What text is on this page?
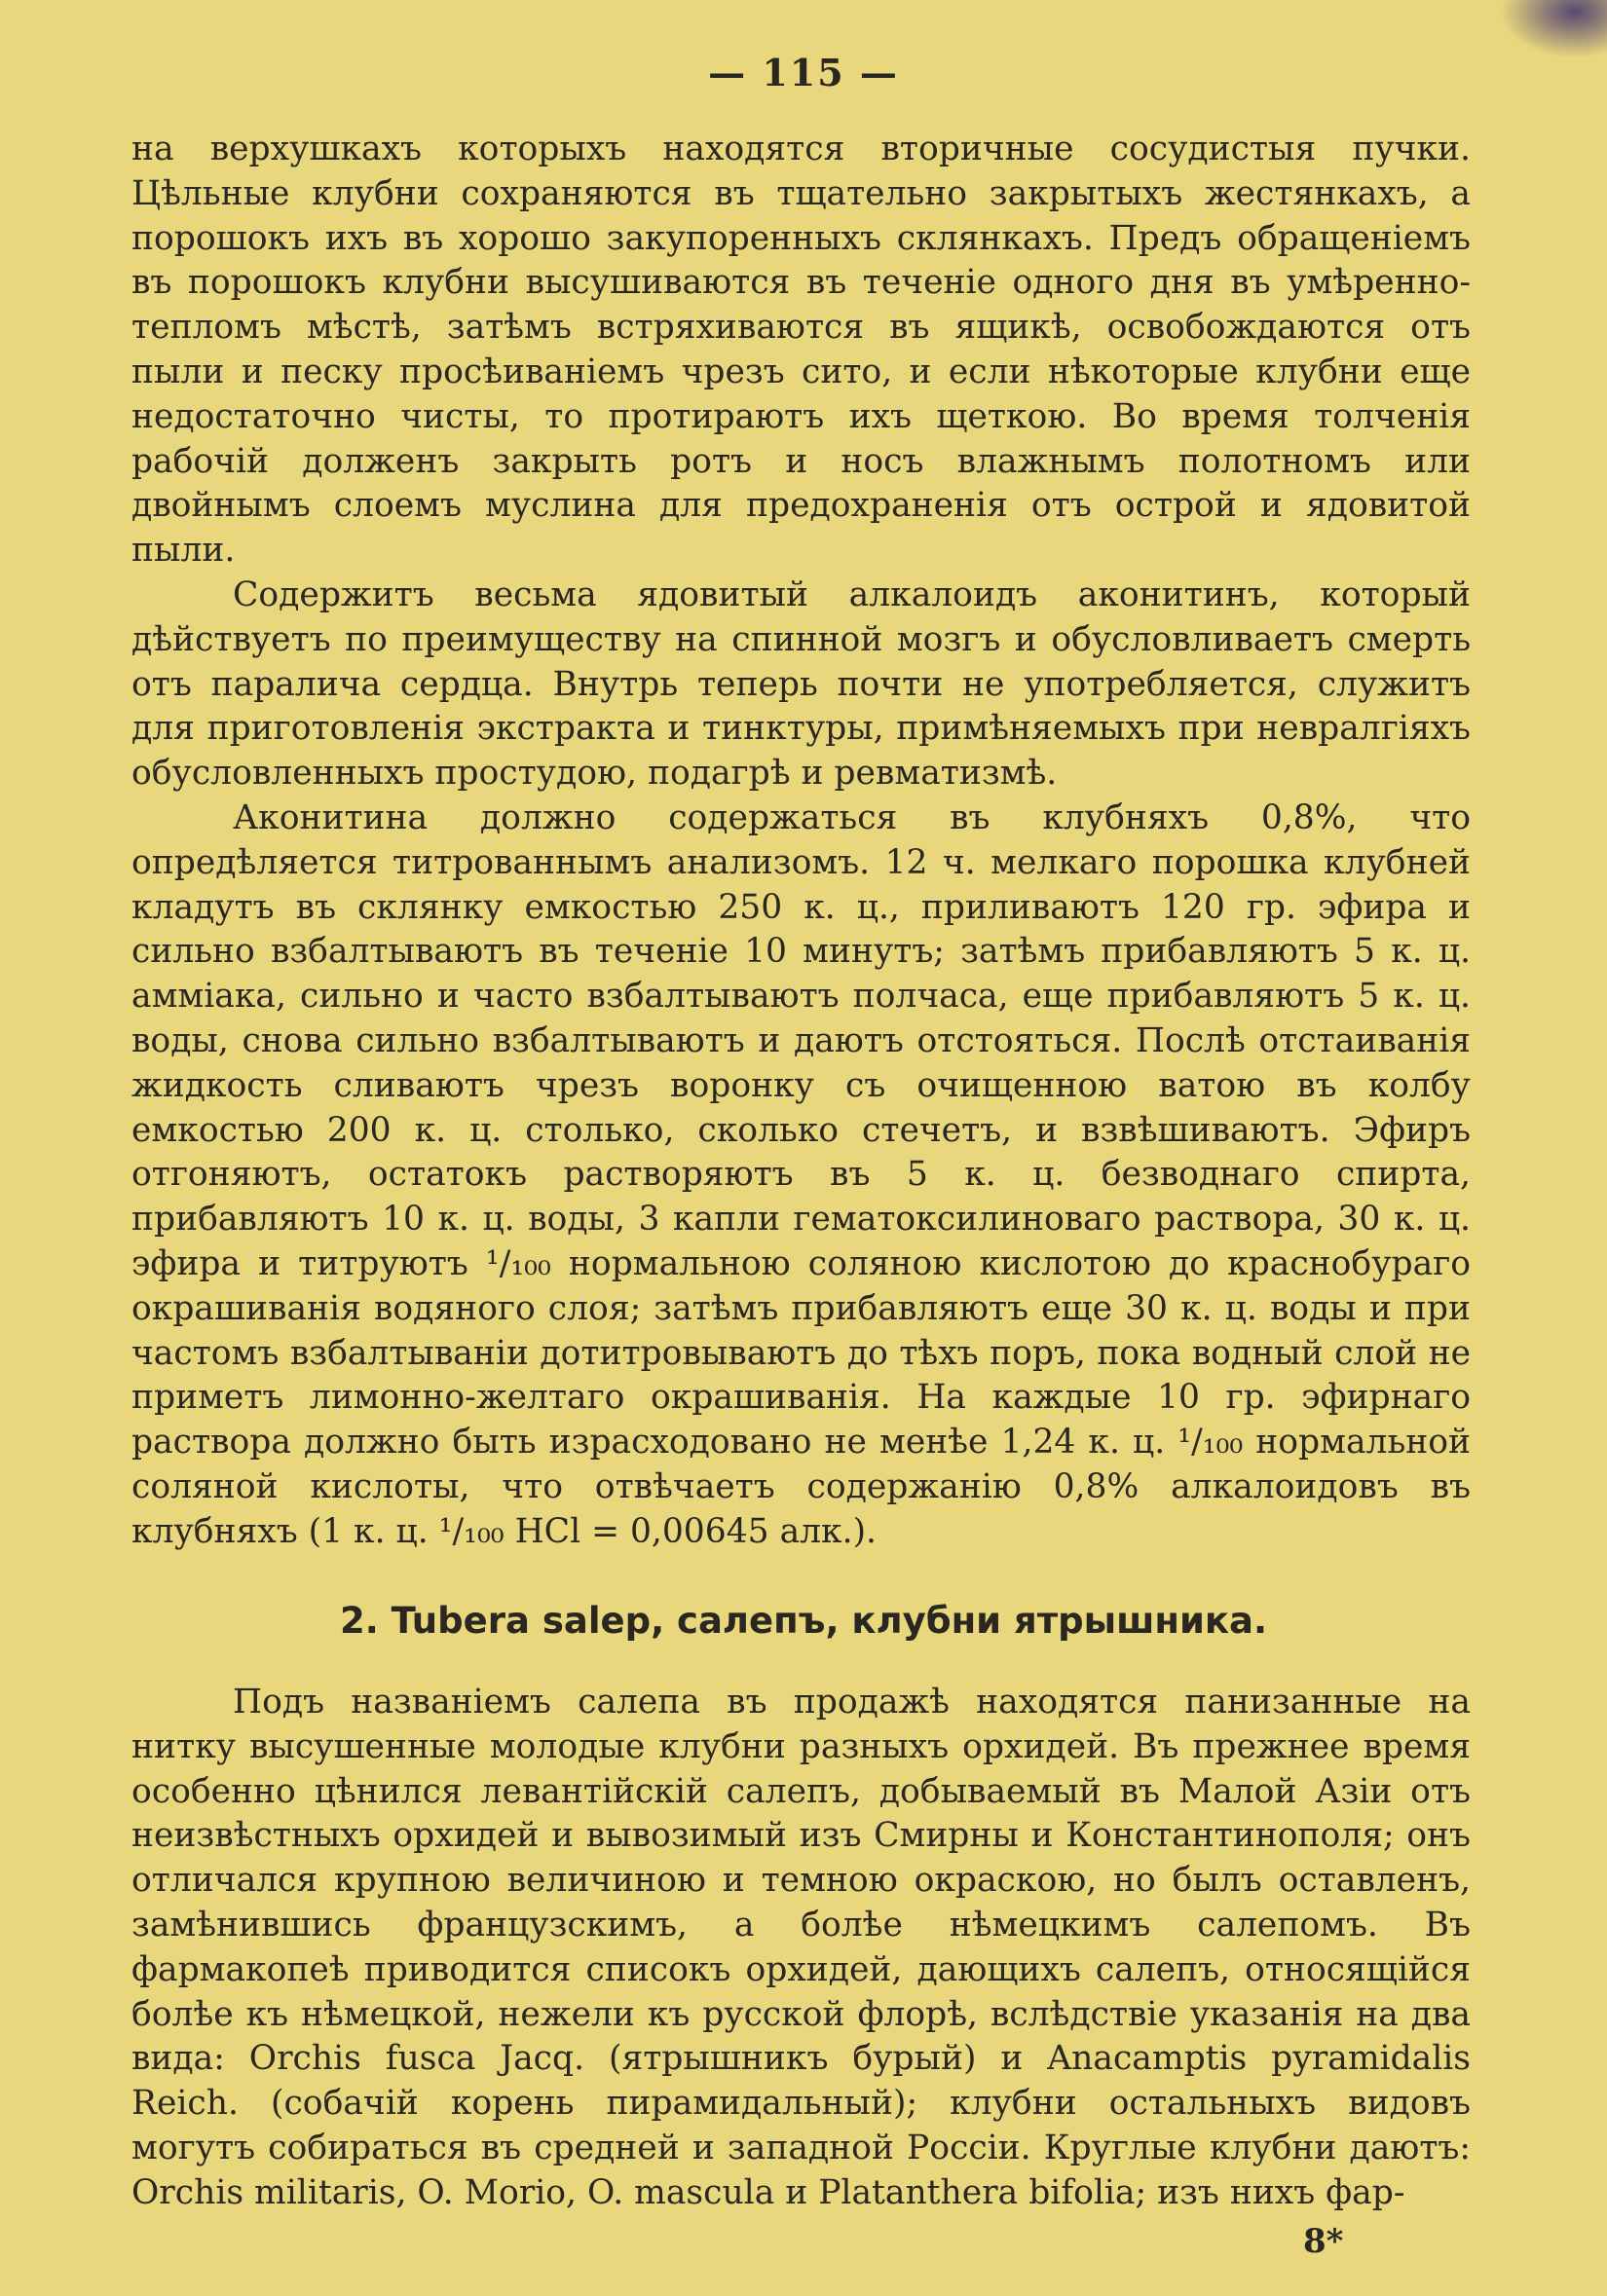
— 115 —

на верхушкахъ которыхъ находятся вторичные сосудистыя пучки. Цѣльные клубни сохраняются въ тщательно закрытыхъ жестянкахъ, а порошокъ ихъ въ хорошо закупоренныхъ склянкахъ. Предъ обращеніемъ въ порошокъ клубни высушиваются въ теченіе одного дня въ умѣренно-тепломъ мѣстѣ, затѣмъ встряхиваются въ ящикѣ, освобождаются отъ пыли и песку просѣиваніемъ чрезъ сито, и если нѣкоторые клубни еще недостаточно чисты, то протираютъ ихъ щеткою. Во время толченія рабочій долженъ закрыть ротъ и носъ влажнымъ полотномъ или двойнымъ слоемъ муслина для предохраненія отъ острой и ядовитой пыли.

Содержитъ весьма ядовитый алкалоидъ аконитинъ, который дѣйствуетъ по преимуществу на спинной мозгъ и обусловливаетъ смерть отъ паралича сердца. Внутрь теперь почти не употребляется, служитъ для приготовленія экстракта и тинктуры, примѣняемыхъ при невралгіяхъ обусловленныхъ простудою, подагрѣ и ревматизмѣ.

Аконитина должно содержаться въ клубняхъ 0,8%, что опредѣляется титрованнымъ анализомъ. 12 ч. мелкаго порошка клубней кладутъ въ склянку емкостью 250 к. ц., приливаютъ 120 гр. эфира и сильно взбалтываютъ въ теченіе 10 минутъ; затѣмъ прибавляютъ 5 к. ц. амміака, сильно и часто взбалтываютъ полчаса, еще прибавляютъ 5 к. ц. воды, снова сильно взбалтываютъ и даютъ отстояться. Послѣ отстаиванія жидкость сливаютъ чрезъ воронку съ очищенною ватою въ колбу емкостью 200 к. ц. столько, сколько стечетъ, и взвѣшиваютъ. Эфиръ отгоняютъ, остатокъ растворяютъ въ 5 к. ц. безводнаго спирта, прибавляютъ 10 к. ц. воды, 3 капли гематоксилиноваго раствора, 30 к. ц. эфира и титруютъ ¹/₁₀₀ нормальною соляною кислотою до краснобураго окрашиванія водяного слоя; затѣмъ прибавляютъ еще 30 к. ц. воды и при частомъ взбалтываніи дотитровываютъ до тѣхъ поръ, пока водный слой не приметъ лимонно-желтаго окрашиванія. На каждые 10 гр. эфирнаго раствора должно быть израсходовано не менѣе 1,24 к. ц. ¹/₁₀₀ нормальной соляной кислоты, что отвѣчаетъ содержанію 0,8% алкалоидовъ въ клубняхъ (1 к. ц. ¹/₁₀₀ HCl = 0,00645 алк.).

2. Tubera salep, салепъ, клубни ятрышника.

Подъ названіемъ салепа въ продажѣ находятся панизанные на нитку высушенные молодые клубни разныхъ орхидей. Въ прежнее время особенно цѣнился левантійскій салепъ, добываемый въ Малой Азіи отъ неизвѣстныхъ орхидей и вывозимый изъ Смирны и Константинополя; онъ отличался крупною величиною и темною окраскою, но былъ оставленъ, замѣнившись французскимъ, а болѣе нѣмецкимъ салепомъ. Въ фармакопеѣ приводится списокъ орхидей, дающихъ салепъ, относящійся болѣе къ нѣмецкой, нежели къ русской флорѣ, вслѣдствіе указанія на два вида: Orchis fusca Jacq. (ятрышникъ бурый) и Anacamptis pyramidalis Reich. (собачій корень пирамидальный); клубни остальныхъ видовъ могутъ собираться въ средней и западной Россіи. Круглые клубни даютъ: Orchis militaris, O. Morio, O. mascula и Platanthera bifolia; изъ нихъ фар-

8*
